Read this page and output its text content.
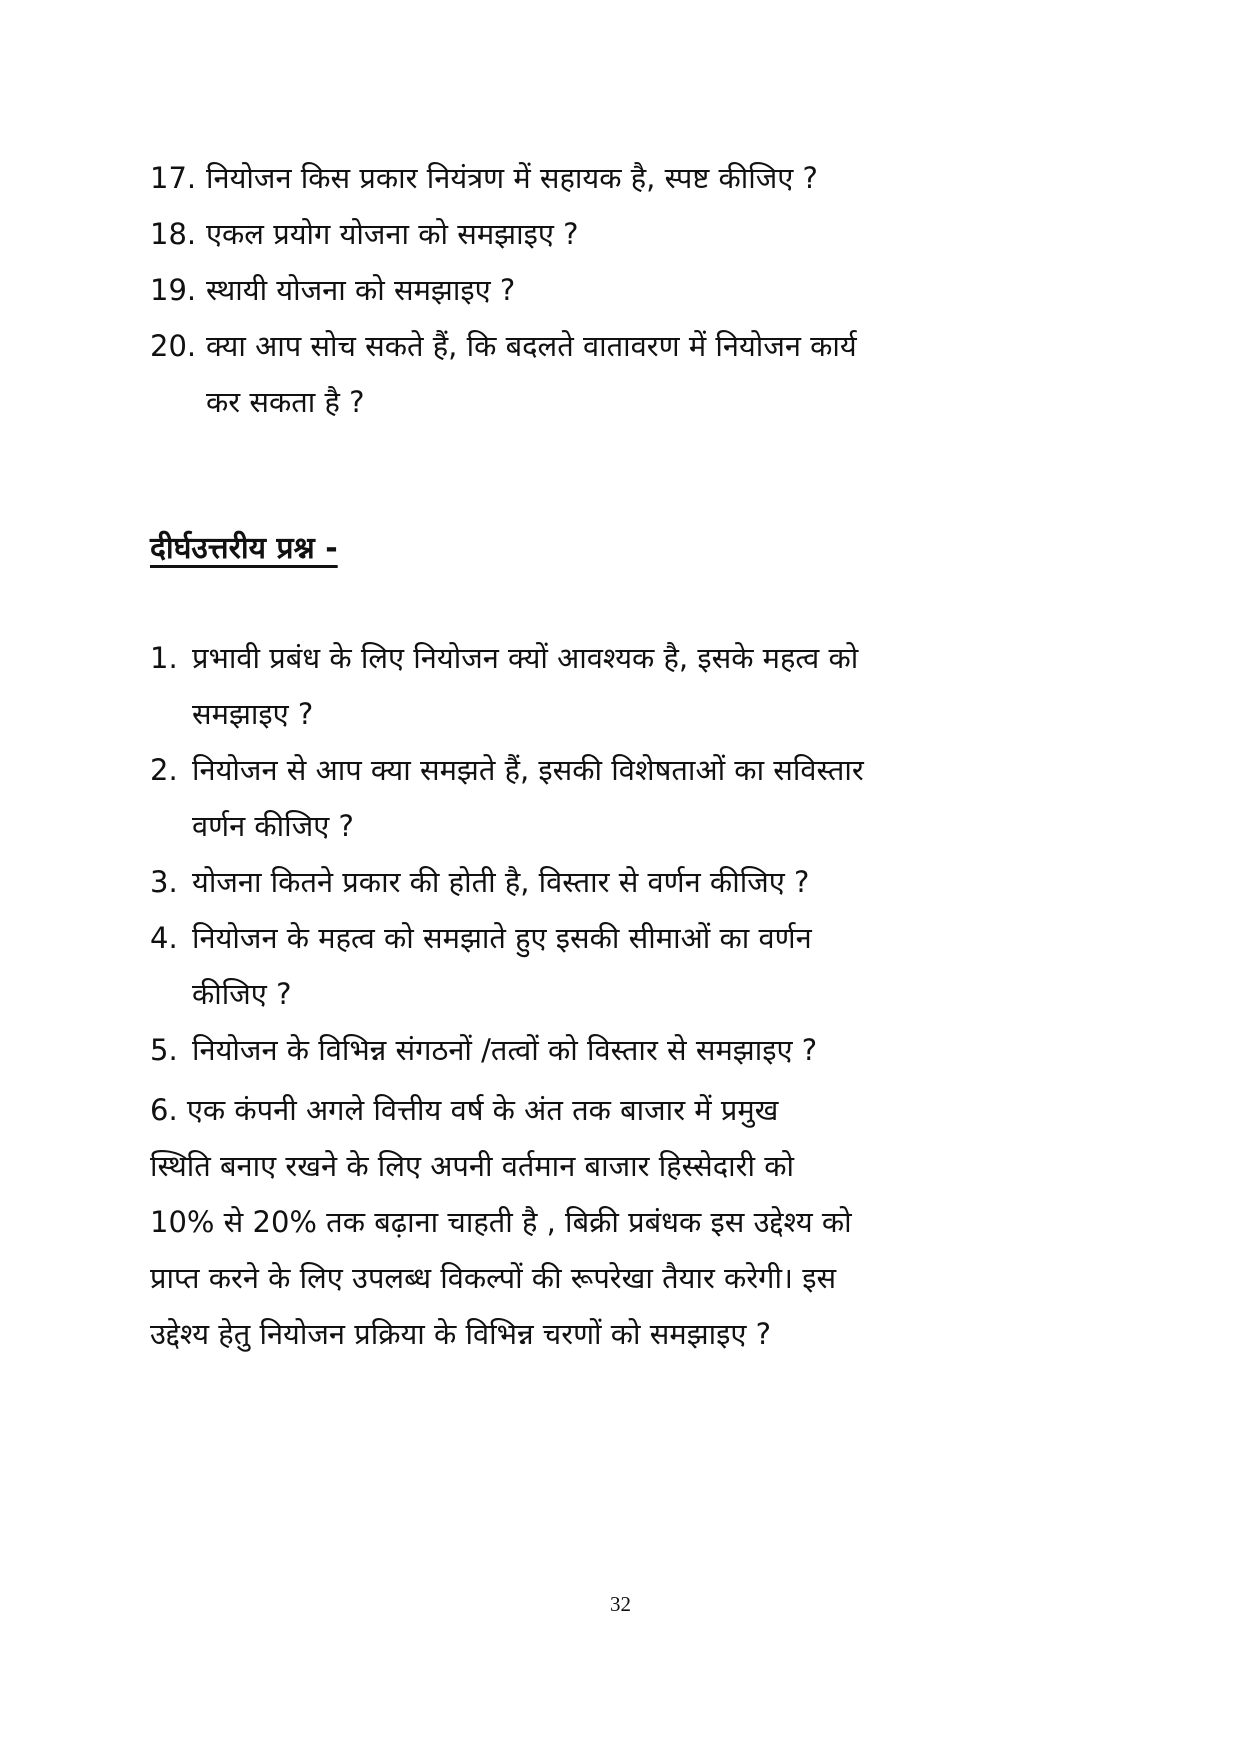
17. नियोजन किस प्रकार नियंत्रण में सहायक है, स्पष्ट कीजिए ?
18. एकल प्रयोग योजना को समझाइए ?
19. स्थायी योजना को समझाइए ?
20. क्या आप सोच सकते हैं, कि बदलते वातावरण में नियोजन कार्य
कर सकता है ?
दीर्घउत्तरीय प्रश्न -
1. प्रभावी प्रबंध के लिए नियोजन क्यों आवश्यक है, इसके महत्व को
समझाइए ?
2. नियोजन से आप क्या समझते हैं, इसकी विशेषताओं का सविस्तार
वर्णन कीजिए ?
3. योजना कितने प्रकार की होती है, विस्तार से वर्णन कीजिए ?
4. नियोजन के महत्व को समझाते हुए इसकी सीमाओं का वर्णन
कीजिए ?
5. नियोजन के विभिन्न संगठनों /तत्वों को विस्तार से समझाइए ?

6. एक कंपनी अगले वित्तीय वर्ष के अंत तक बाजार में प्रमुख
स्थिति बनाए रखने के लिए अपनी वर्तमान बाजार हिस्सेदारी को
10% से 20% तक बढ़ाना चाहती है , बिक्री प्रबंधक इस उद्देश्य को
प्राप्त करने के लिए उपलब्ध विकल्पों की रूपरेखा तैयार करेगी। इस
उद्देश्य हेतु नियोजन प्रक्रिया के विभिन्न चरणों को समझाइए ?

32
